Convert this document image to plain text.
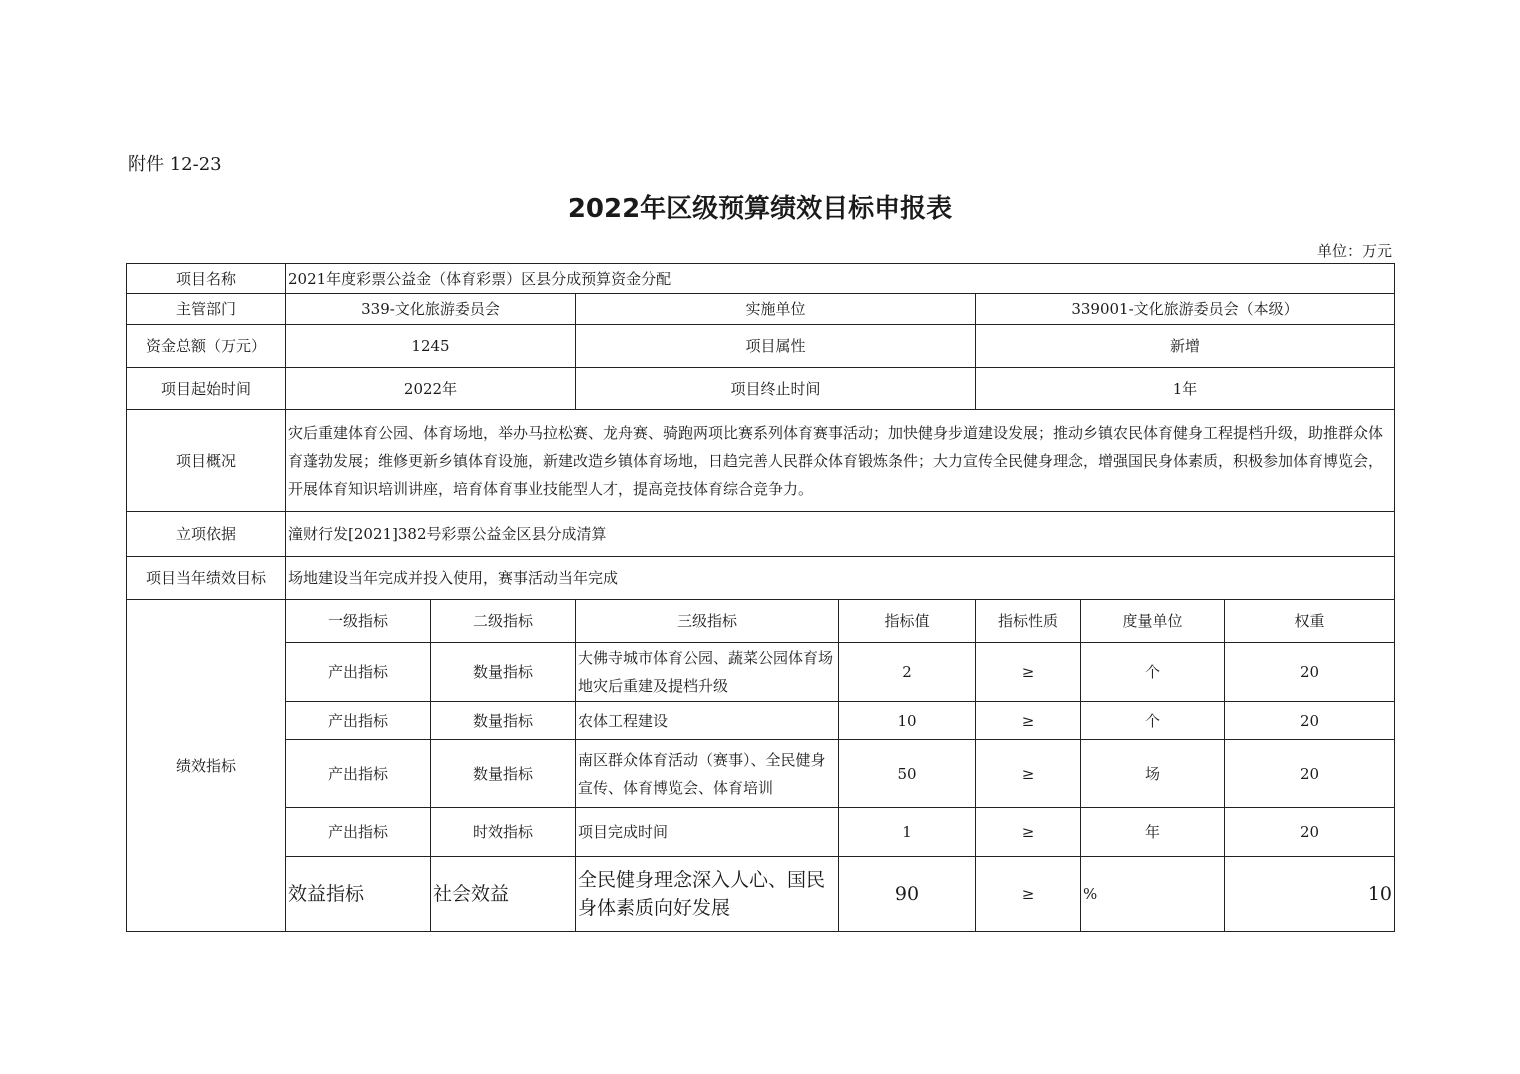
附件 12-23
2022年区级预算绩效目标申报表
单位：万元
项目名称	2021年度彩票公益金（体育彩票）区县分成预算资金分配						
主管部门	339-文化旅游委员会		实施单位		339001-文化旅游委员会（本级）		
资金总额（万元）	1245		项目属性		新增		
项目起始时间	2022年		项目终止时间		1年		
项目概况	灾后重建体育公园、体育场地，举办马拉松赛、龙舟赛、骑跑两项比赛系列体育赛事活动；加快健身步道建设发展；推动乡镇农民体育健身工程提档升级，助推群众体育蓬勃发展；维修更新乡镇体育设施，新建改造乡镇体育场地，日趋完善人民群众体育锻炼条件；大力宣传全民健身理念，增强国民身体素质，积极参加体育博览会，开展体育知识培训讲座，培育体育事业技能型人才，提高竞技体育综合竞争力。						
立项依据	潼财行发[2021]382号彩票公益金区县分成清算						
项目当年绩效目标	场地建设当年完成并投入使用，赛事活动当年完成						
绩效指标	一级指标	二级指标	三级指标	指标值	指标性质	度量单位	权重
	产出指标	数量指标	大佛寺城市体育公园、蔬菜公园体育场地灾后重建及提档升级	2	≥	个	20
	产出指标	数量指标	农体工程建设	10	≥	个	20
	产出指标	数量指标	南区群众体育活动（赛事）、全民健身宣传、体育博览会、体育培训	50	≥	场	20
	产出指标	时效指标	项目完成时间	1	≥	年	20
	效益指标	社会效益	全民健身理念深入人心、国民身体素质向好发展	90	≥	%	10
